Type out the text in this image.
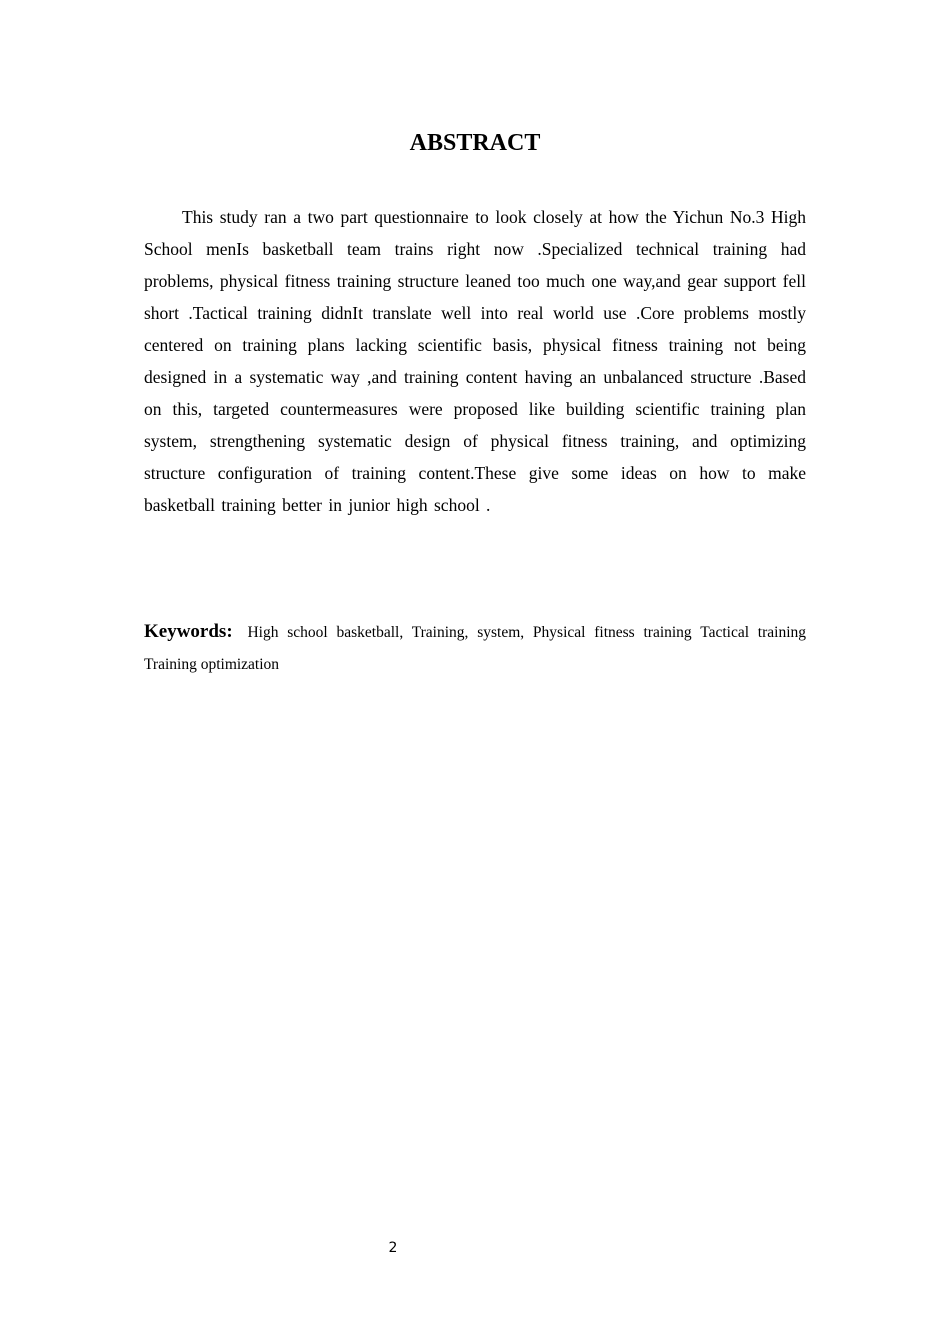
ABSTRACT

This study ran a two part questionnaire to look closely at how the Yichun No.3 High School menIs basketball team trains right now .Specialized technical training had problems, physical fitness training structure leaned too much one way,and gear support fell short .Tactical training didnIt translate well into real world use .Core problems mostly centered on training plans lacking scientific basis, physical fitness training not being designed in a systematic way ,and training content having an unbalanced structure .Based on this, targeted countermeasures were proposed like building scientific training plan system, strengthening systematic design of physical fitness training, and optimizing structure configuration of training content.These give some ideas on how to make basketball training better in junior high school .

Keywords: High school basketball, Training, system, Physical fitness training Tactical training Training optimization

2
